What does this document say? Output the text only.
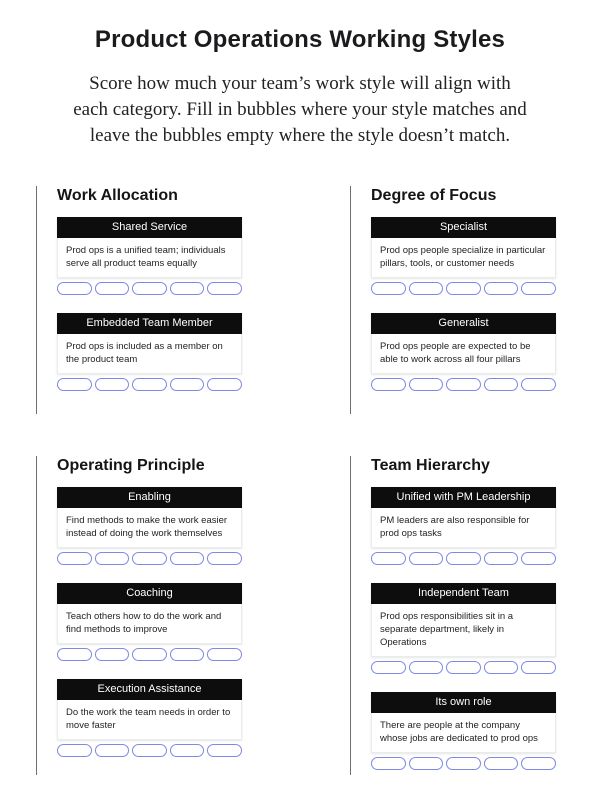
Product Operations Working Styles
Score how much your team’s work style will align with
each category. Fill in bubbles where your style matches and
leave the bubbles empty where the style doesn’t match.
Work Allocation
Shared Service
Prod ops is a unified team; individuals serve all product teams equally
Embedded Team Member
Prod ops is included as a member on the product team
Degree of Focus
Specialist
Prod ops people specialize in particular pillars, tools, or customer needs
Generalist
Prod ops people are expected to be able to work across all four pillars
Operating Principle
Enabling
Find methods to make the work easier instead of doing the work themselves
Coaching
Teach others how to do the work and find methods to improve
Execution Assistance
Do the work the team needs in order to move faster
Team Hierarchy
Unified with PM Leadership
PM leaders are also responsible for prod ops tasks
Independent Team
Prod ops responsibilities sit in a separate department, likely in Operations
Its own role
There are people at the company whose jobs are dedicated to prod ops
